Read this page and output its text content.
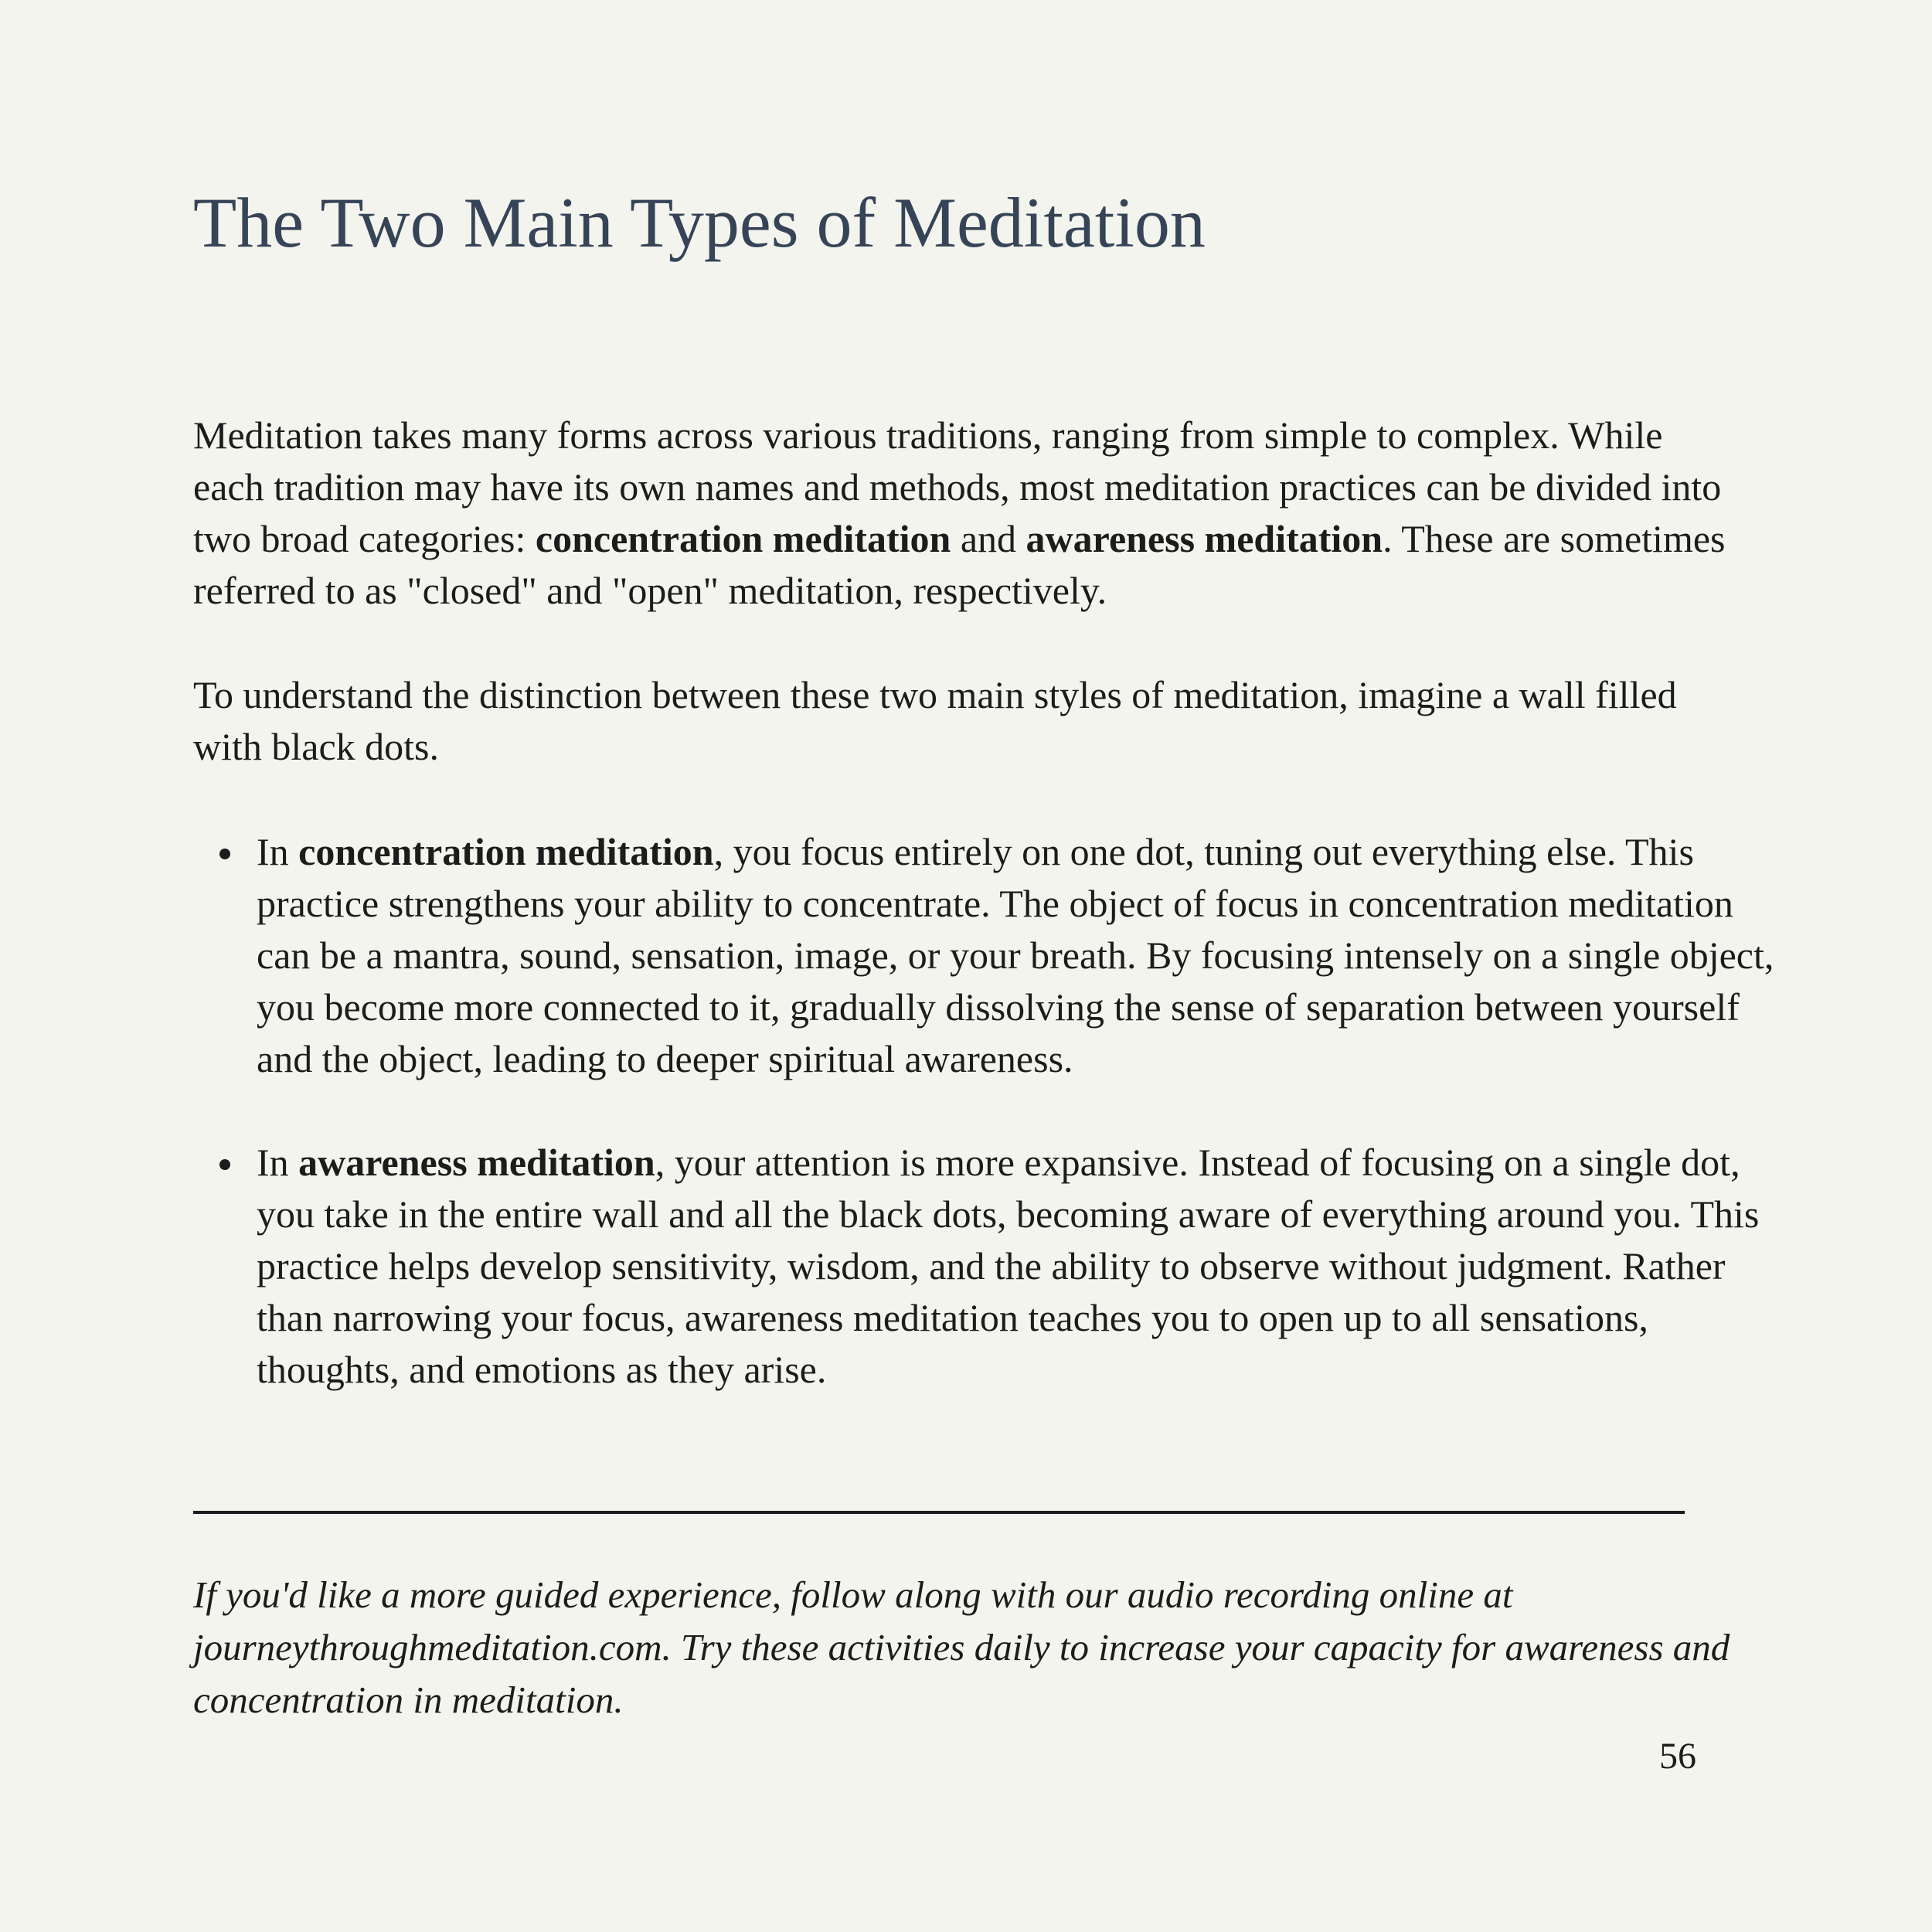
The Two Main Types of Meditation

Meditation takes many forms across various traditions, ranging from simple to complex. While each tradition may have its own names and methods, most meditation practices can be divided into two broad categories: concentration meditation and awareness meditation. These are sometimes referred to as "closed" and "open" meditation, respectively.

To understand the distinction between these two main styles of meditation, imagine a wall filled with black dots.

In concentration meditation, you focus entirely on one dot, tuning out everything else. This practice strengthens your ability to concentrate. The object of focus in concentration meditation can be a mantra, sound, sensation, image, or your breath. By focusing intensely on a single object, you become more connected to it, gradually dissolving the sense of separation between yourself and the object, leading to deeper spiritual awareness.
In awareness meditation, your attention is more expansive. Instead of focusing on a single dot, you take in the entire wall and all the black dots, becoming aware of everything around you. This practice helps develop sensitivity, wisdom, and the ability to observe without judgment. Rather than narrowing your focus, awareness meditation teaches you to open up to all sensations, thoughts, and emotions as they arise.

If you'd like a more guided experience, follow along with our audio recording online at journeythroughmeditation.com. Try these activities daily to increase your capacity for awareness and concentration in meditation.

56
